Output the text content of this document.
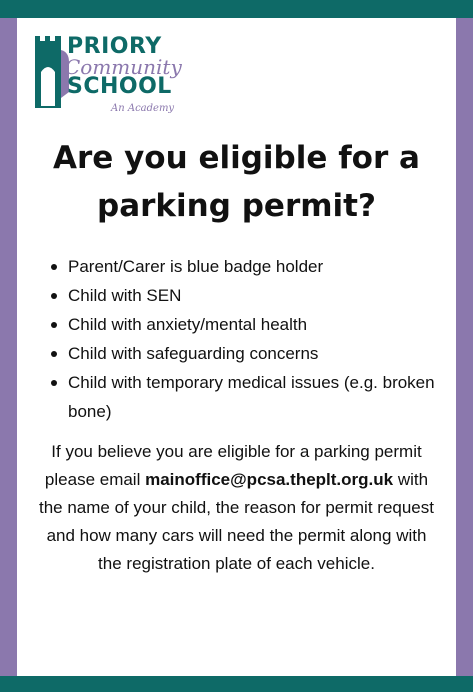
PRIORY
Community
SCHOOL
An Academy
Are you eligible for a parking permit?
Parent/Carer is blue badge holder
Child with SEN
Child with anxiety/mental health
Child with safeguarding concerns
Child with temporary medical issues (e.g. broken bone)

If you believe you are eligible for a parking permit please email mainoffice@pcsa.theplt.org.uk with the name of your child, the reason for permit request and how many cars will need the permit along with the registration plate of each vehicle.
